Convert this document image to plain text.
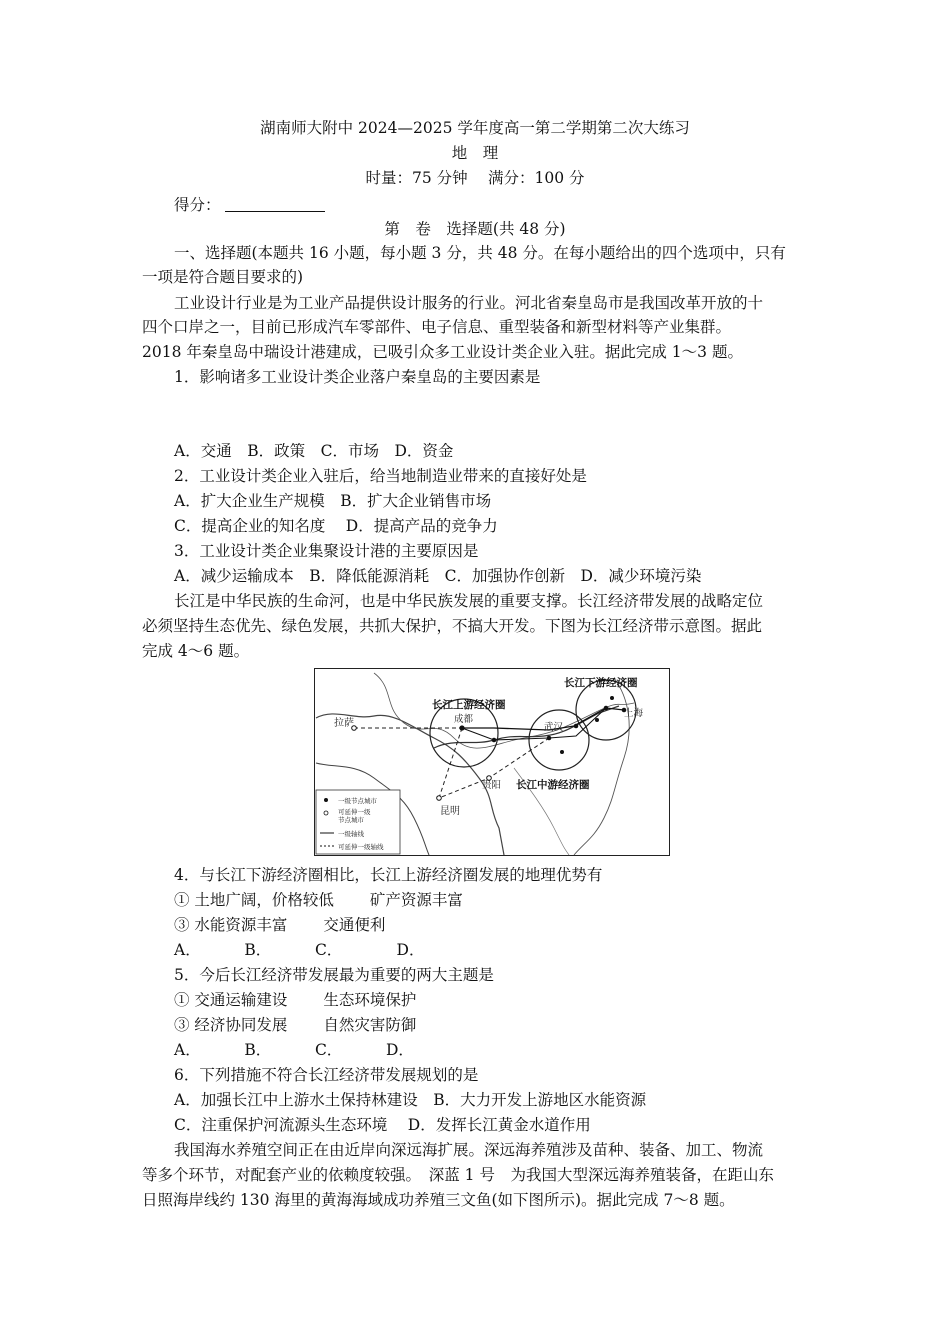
湖南师大附中 2024—2025 学年度高一第二学期第二次大练习
地　理
时量：75 分钟　 满分：100 分
得分：
第　卷　选择题(共 48 分)
一、选择题(本题共 16 小题，每小题 3 分，共 48 分。在每小题给出的四个选项中，只有
一项是符合题目要求的)
工业设计行业是为工业产品提供设计服务的行业。河北省秦皇岛市是我国改革开放的十
四个口岸之一，目前已形成汽车零部件、电子信息、重型装备和新型材料等产业集群。
2018 年秦皇岛中瑞设计港建成，已吸引众多工业设计类企业入驻。据此完成 1～3 题。
1．影响诸多工业设计类企业落户秦皇岛的主要因素是
A．交通　B．政策　C．市场　D．资金
2．工业设计类企业入驻后，给当地制造业带来的直接好处是
A．扩大企业生产规模　B．扩大企业销售市场
C．提高企业的知名度　 D．提高产品的竞争力
3．工业设计类企业集聚设计港的主要原因是
A．减少运输成本　B．降低能源消耗　C．加强协作创新　D．减少环境污染
长江是中华民族的生命河，也是中华民族发展的重要支撑。长江经济带发展的战略定位
必须坚持生态优先、绿色发展，共抓大保护，不搞大开发。下图为长江经济带示意图。据此
完成 4～6 题。
长江上游经济圈
长江下游经济圈
长江中游经济圈
拉萨	成都
武汉
上海
贵阳
昆明
一级节点城市
可延伸一级
节点城市
一级轴线
可延伸一级轴线
4．与长江下游经济圈相比，长江上游经济圈发展的地理优势有
① 土地广阔，价格较低　　 矿产资源丰富
③ 水能资源丰富　　 交通便利
A．　　　 B．　　　 C．　　　　D．
5．今后长江经济带发展最为重要的两大主题是
① 交通运输建设　　 生态环境保护
③ 经济协同发展　　 自然灾害防御
A．　　　 B．　　　 C．　　　 D．
6．下列措施不符合长江经济带发展规划的是
A．加强长江中上游水土保持林建设　B．大力开发上游地区水能资源
C．注重保护河流源头生态环境　 D．发挥长江黄金水道作用
我国海水养殖空间正在由近岸向深远海扩展。深远海养殖涉及苗种、装备、加工、物流
等多个环节，对配套产业的依赖度较强。　深蓝 1 号　为我国大型深远海养殖装备，在距山东
日照海岸线约 130 海里的黄海海域成功养殖三文鱼(如下图所示)。据此完成 7～8 题。
